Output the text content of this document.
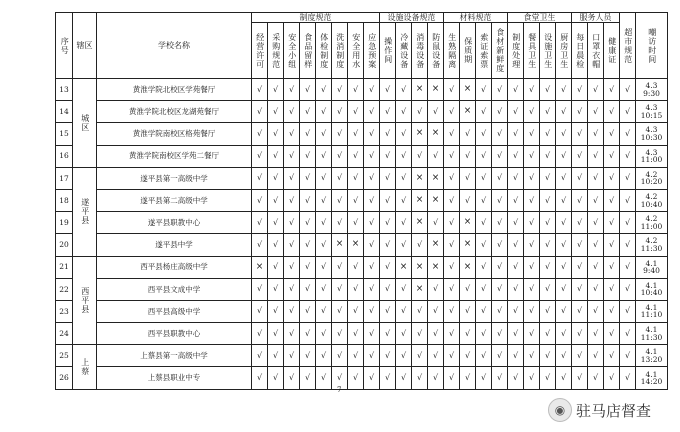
序号	辖区	学校名称	制度规范								设施设备规范				材料规范				食堂卫生				服务人员			超市规范	嘲访时间

			经营许可	采购规范	安全小组	食品留样	体检制度	洗消制度	安全用水	应急预案	操作间	冷藏设备	消毒设备	防鼠设备	生熟隔离	保质期	索证索票	食材新鲜度	制度处理	餐具卫生	设施卫生	厨房卫生	每日晨检	口罩衣帽	健康证		

13	城区	黄淮学院北校区学苑餐厅	√	√	√	√	√	√	√	√	√	√	×	×	√	×	√	√	√	√	√	√	√	√	√	√	4.3
9:30

14		黄淮学院北校区龙湖苑餐厅	√	√	√	√	√	√	√	√	√	√	√	√	√	×	√	√	√	√	√	√	√	√	√	√	4.3
10:15

15		黄淮学院南校区格苑餐厅	√	√	√	√	√	√	√	√	√	√	×	×	√	√	√	√	√	√	√	√	√	√	√	√	4.3
10:30

16		黄淮学院南校区学苑二餐厅	√	√	√	√	√	√	√	√	√	√	√	√	√	√	√	√	√	√	√	√	√	√	√	√	4.3
11:00

17	遂平县	遂平县第一高级中学	√	√	√	√	√	√	√	√	√	√	×	×	√	√	√	√	√	√	√	√	√	√	√	√	4.2
10:20

18		遂平县第二高级中学	√	√	√	√	√	√	√	√	√	√	×	×	√	√	√	√	√	√	√	√	√	√	√	√	4.2
10:40

19		遂平县职教中心	√	√	√	√	√	√	√	√	√	√	×	√	√	×	√	√	√	√	√	√	√	√	√	√	4.2
11:00

20		遂平县中学	√	√	√	√	√	×	×	√	√	√	√	×	√	×	√	√	√	√	√	√	√	√	√	√	4.2
11:30

21	西平县	西平县杨庄高级中学	×	√	√	√	√	√	√	√	√	×	×	×	√	×	√	√	√	√	√	√	√	√	√	√	4.1
9:40

22		西平县文成中学	√	√	√	√	√	√	√	√	√	√	×	√	√	√	√	√	√	√	√	√	√	√	√	√	4.1
10:40

23		西平县高级中学	√	√	√	√	√	√	√	√	√	√	√	√	√	√	√	√	√	√	√	√	√	√	√	√	4.1
11:10

24		西平县职教中心	√	√	√	√	√	√	√	√	√	√	√	√	√	√	√	√	√	√	√	√	√	√	√	√	4.1
11:30

25	上蔡	上蔡县第一高级中学	√	√	√	√	√	√	√	√	√	√	√	√	√	√	√	√	√	√	√	√	√	√	√	√	4.1
13:20

26		上蔡县职业中专	√	√	√	√	√	√	√	√	√	√	√	√	√	√	√	√	√	√	√	√	√	√	√	√	4.1
14:20
7
◉ 驻马店督查
